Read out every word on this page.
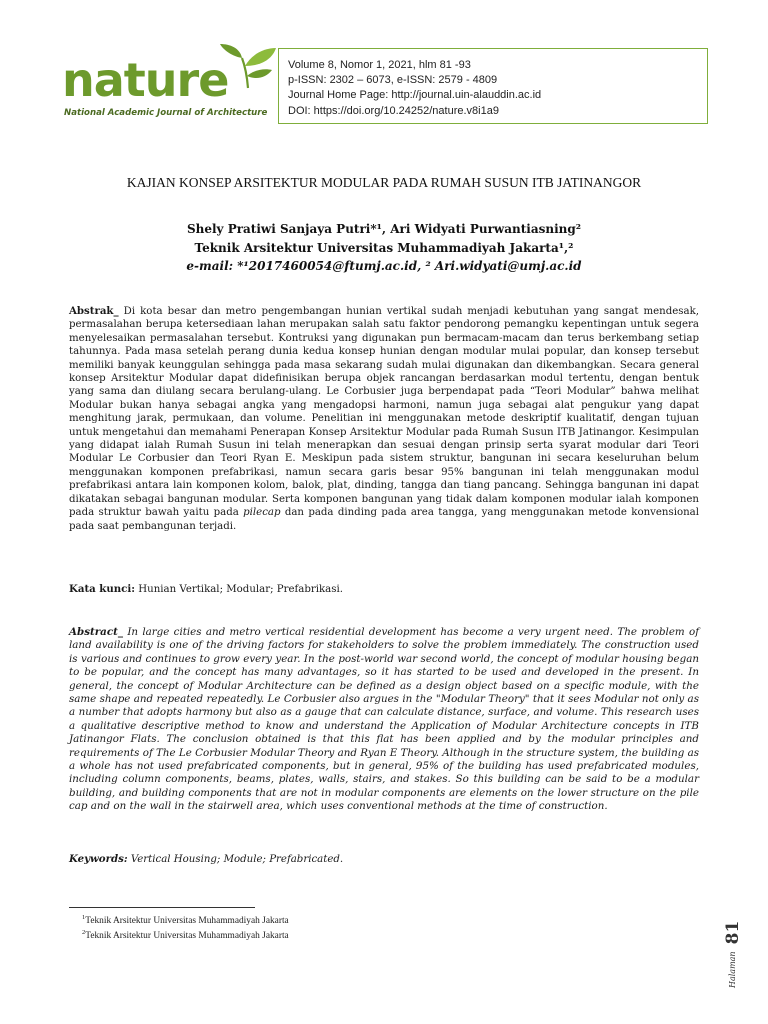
nature
National Academic Journal of Architecture
Volume 8, Nomor 1, 2021, hlm 81 -93
p-ISSN: 2302 – 6073, e-ISSN: 2579 - 4809
Journal Home Page: http://journal.uin-alauddin.ac.id
DOI: https://doi.org/10.24252/nature.v8i1a9
KAJIAN KONSEP ARSITEKTUR MODULAR PADA RUMAH SUSUN ITB JATINANGOR
Shely Pratiwi Sanjaya Putri*¹, Ari Widyati Purwantiasning²
Teknik Arsitektur Universitas Muhammadiyah Jakarta¹,²
e-mail: *¹2017460054@ftumj.ac.id, ² Ari.widyati@umj.ac.id

Abstrak_ Di kota besar dan metro pengembangan hunian vertikal sudah menjadi kebutuhan yang sangat mendesak, permasalahan berupa ketersediaan lahan merupakan salah satu faktor pendorong pemangku kepentingan untuk segera menyelesaikan permasalahan tersebut. Kontruksi yang digunakan pun bermacam-macam dan terus berkembang setiap tahunnya. Pada masa setelah perang dunia kedua konsep hunian dengan modular mulai popular, dan konsep tersebut memiliki banyak keunggulan sehingga pada masa sekarang sudah mulai digunakan dan dikembangkan. Secara general konsep Arsitektur Modular dapat didefinisikan berupa objek rancangan berdasarkan modul tertentu, dengan bentuk yang sama dan diulang secara berulang-ulang. Le Corbusier juga berpendapat pada “Teori Modular” bahwa melihat Modular bukan hanya sebagai angka yang mengadopsi harmoni, namun juga sebagai alat pengukur yang dapat menghitung jarak, permukaan, dan volume. Penelitian ini menggunakan metode deskriptif kualitatif, dengan tujuan untuk mengetahui dan memahami Penerapan Konsep Arsitektur Modular pada Rumah Susun ITB Jatinangor. Kesimpulan yang didapat ialah Rumah Susun ini telah menerapkan dan sesuai dengan prinsip serta syarat modular dari Teori Modular Le Corbusier dan Teori Ryan E. Meskipun pada sistem struktur, bangunan ini secara keseluruhan belum menggunakan komponen prefabrikasi, namun secara garis besar 95% bangunan ini telah menggunakan modul prefabrikasi antara lain komponen kolom, balok, plat, dinding, tangga dan tiang pancang. Sehingga bangunan ini dapat dikatakan sebagai bangunan modular. Serta komponen bangunan yang tidak dalam komponen modular ialah komponen pada struktur bawah yaitu pada pilecap dan pada dinding pada area tangga, yang menggunakan metode konvensional pada saat pembangunan terjadi.

Kata kunci: Hunian Vertikal; Modular; Prefabrikasi.

Abstract_ In large cities and metro vertical residential development has become a very urgent need. The problem of land availability is one of the driving factors for stakeholders to solve the problem immediately. The construction used is various and continues to grow every year. In the post-world war second world, the concept of modular housing began to be popular, and the concept has many advantages, so it has started to be used and developed in the present. In general, the concept of Modular Architecture can be defined as a design object based on a specific module, with the same shape and repeated repeatedly. Le Corbusier also argues in the "Modular Theory" that it sees Modular not only as a number that adopts harmony but also as a gauge that can calculate distance, surface, and volume. This research uses a qualitative descriptive method to know and understand the Application of Modular Architecture concepts in ITB Jatinangor Flats. The conclusion obtained is that this flat has been applied and by the modular principles and requirements of The Le Corbusier Modular Theory and Ryan E Theory. Although in the structure system, the building as a whole has not used prefabricated components, but in general, 95% of the building has used prefabricated modules, including column components, beams, plates, walls, stairs, and stakes. So this building can be said to be a modular building, and building components that are not in modular components are elements on the lower structure on the pile cap and on the wall in the stairwell area, which uses conventional methods at the time of construction.

Keywords: Vertical Housing; Module; Prefabricated.

$^1$Teknik Arsitektur Universitas Muhammadiyah Jakarta
$^2$Teknik Arsitektur Universitas Muhammadiyah Jakarta
Halaman 81
